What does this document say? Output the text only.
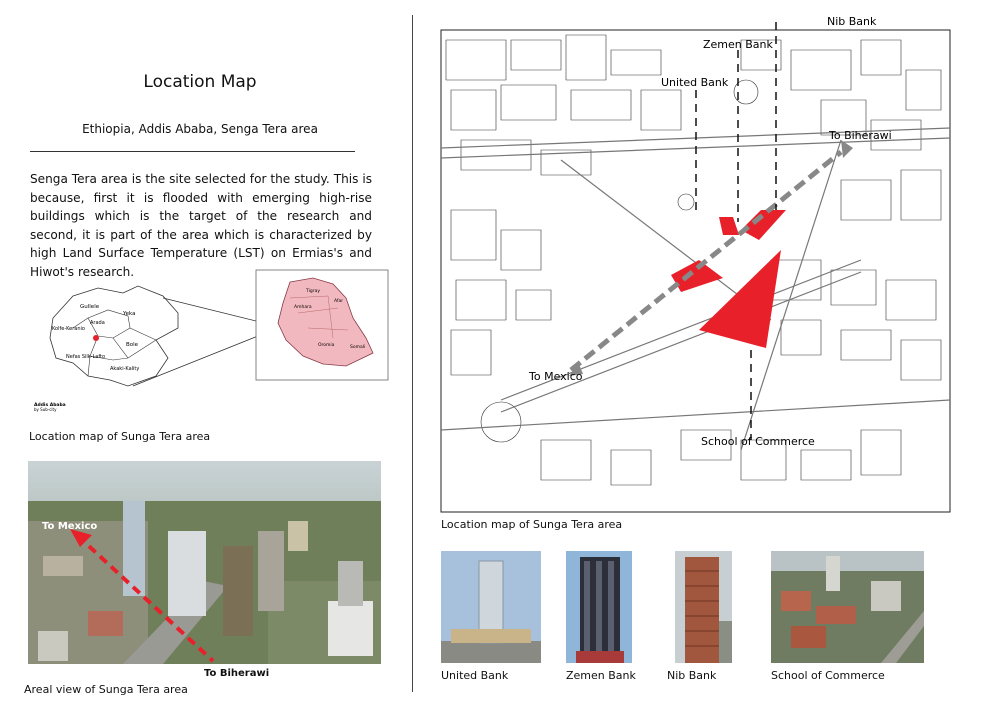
Location Map
Ethiopia, Addis Ababa, Senga Tera area
Senga Tera area is the site selected for the study. This is because, first it is flooded with emerging high-rise buildings which is the target of the research and second, it is part of the area which is characterized by high Land Surface Temperature (LST) on Ermias's and Hiwot's research.
Gullele
Yeka
Arada
Kolfe-Keranio
Bole
Nefas Silk-Lafto
Akaki-Kality
Addis Ababa
by Sub-city
Tigray
Afar
Amhara
Oromia	Somali
Location map of Sunga Tera area
To Mexico
To Biherawi
Areal view of Sunga Tera area
Nib Bank
Zemen Bank
United Bank
To Biherawi
To Mexico
School of Commerce
Location map of Sunga Tera area
United Bank	Zemen Bank	Nib Bank	School of Commerce
